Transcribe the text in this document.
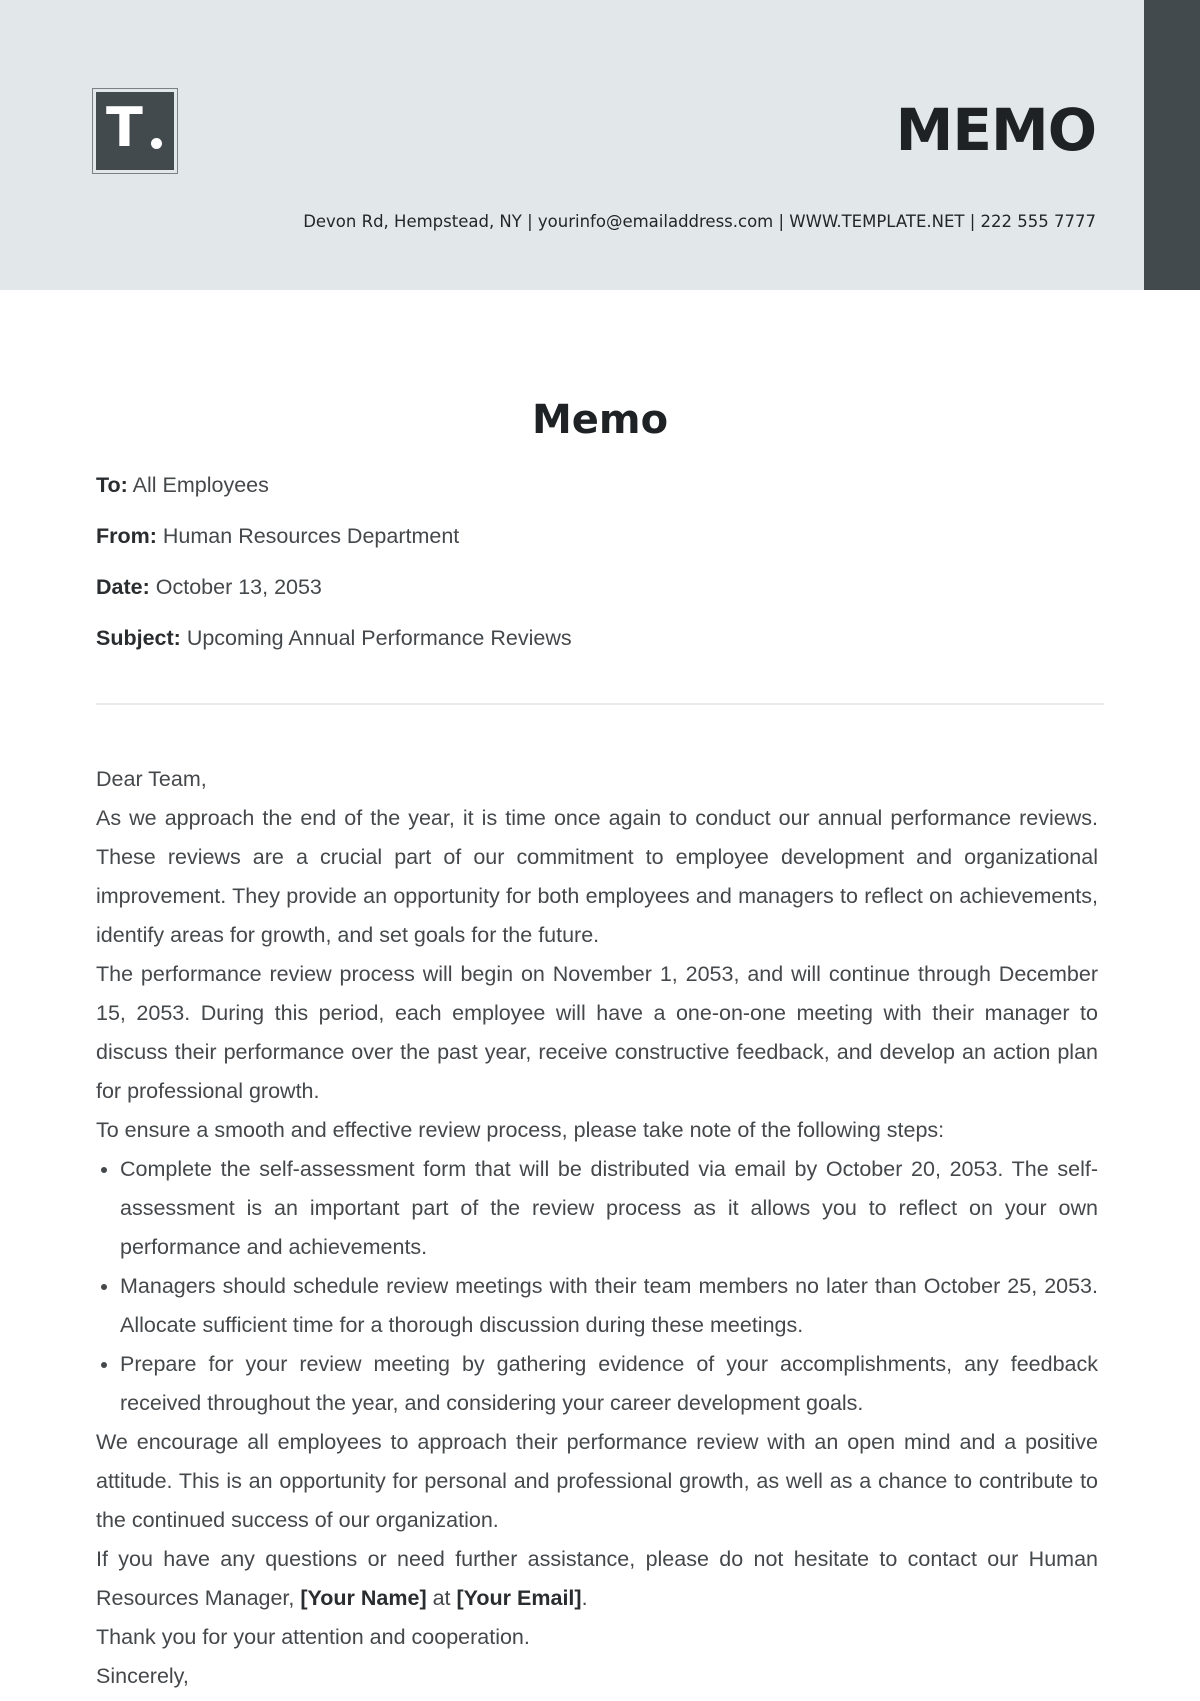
T	MEMO
Devon Rd, Hempstead, NY | yourinfo@emailaddress.com | WWW.TEMPLATE.NET | 222 555 7777
Memo
To: All Employees
From: Human Resources Department
Date: October 13, 2053
Subject: Upcoming Annual Performance Reviews

Dear Team,

As we approach the end of the year, it is time once again to conduct our annual performance reviews. These reviews are a crucial part of our commitment to employee development and organizational improvement. They provide an opportunity for both employees and managers to reflect on achievements, identify areas for growth, and set goals for the future.

The performance review process will begin on November 1, 2053, and will continue through December 15, 2053. During this period, each employee will have a one-on-one meeting with their manager to discuss their performance over the past year, receive constructive feedback, and develop an action plan for professional growth.

To ensure a smooth and effective review process, please take note of the following steps:

• Complete the self-assessment form that will be distributed via email by October 20, 2053. The self-assessment is an important part of the review process as it allows you to reflect on your own performance and achievements.
• Managers should schedule review meetings with their team members no later than October 25, 2053. Allocate sufficient time for a thorough discussion during these meetings.
• Prepare for your review meeting by gathering evidence of your accomplishments, any feedback received throughout the year, and considering your career development goals.

We encourage all employees to approach their performance review with an open mind and a positive attitude. This is an opportunity for personal and professional growth, as well as a chance to contribute to the continued success of our organization.

If you have any questions or need further assistance, please do not hesitate to contact our Human Resources Manager, [Your Name] at [Your Email].

Thank you for your attention and cooperation.

Sincerely,
